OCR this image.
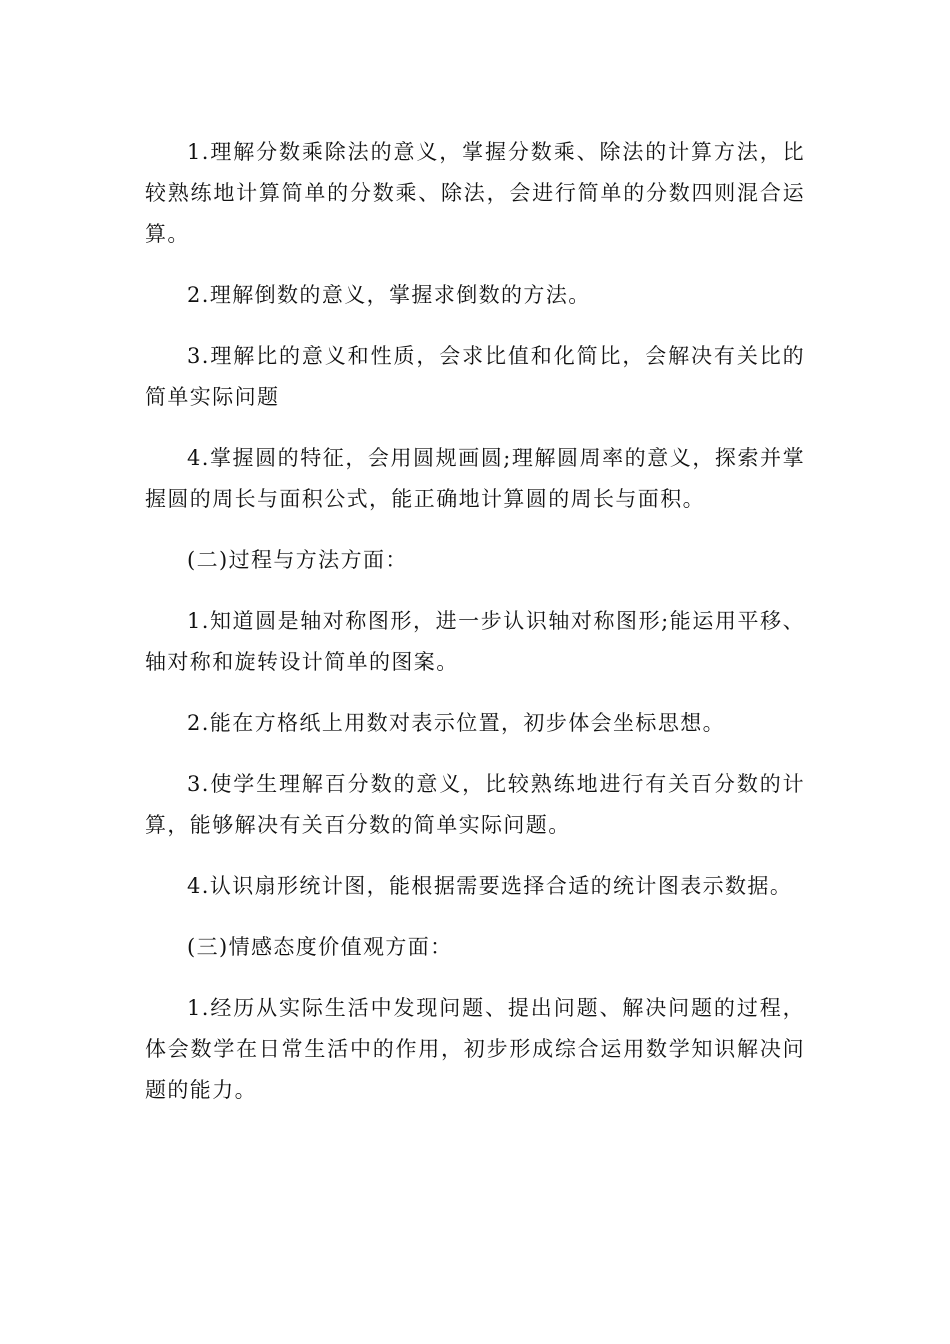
1.理解分数乘除法的意义，掌握分数乘、除法的计算方法，比较熟练地计算简单的分数乘、除法，会进行简单的分数四则混合运算。

2.理解倒数的意义，掌握求倒数的方法。

3.理解比的意义和性质，会求比值和化简比，会解决有关比的简单实际问题

4.掌握圆的特征，会用圆规画圆;理解圆周率的意义，探索并掌握圆的周长与面积公式，能正确地计算圆的周长与面积。

(二)过程与方法方面：

1.知道圆是轴对称图形，进一步认识轴对称图形;能运用平移、轴对称和旋转设计简单的图案。

2.能在方格纸上用数对表示位置，初步体会坐标思想。

3.使学生理解百分数的意义，比较熟练地进行有关百分数的计算，能够解决有关百分数的简单实际问题。

4.认识扇形统计图，能根据需要选择合适的统计图表示数据。

(三)情感态度价值观方面：

1.经历从实际生活中发现问题、提出问题、解决问题的过程，体会数学在日常生活中的作用，初步形成综合运用数学知识解决问题的能力。
